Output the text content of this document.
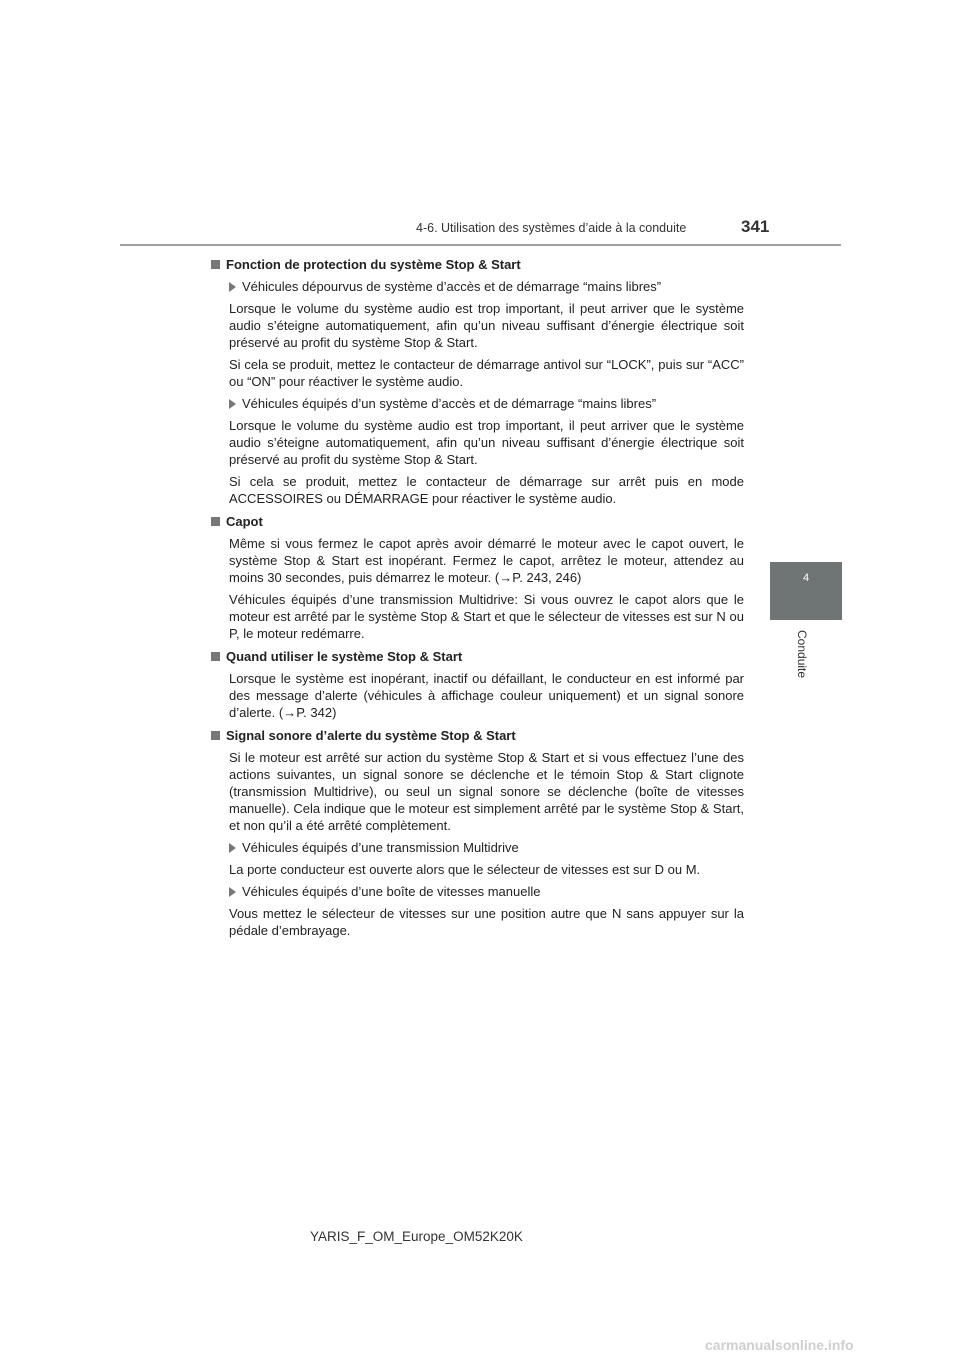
4-6. Utilisation des systèmes d’aide à la conduite	341
4
Conduite
Fonction de protection du système Stop & Start
Véhicules dépourvus de système d’accès et de démarrage “mains libres”
Lorsque le volume du système audio est trop important, il peut arriver que le système audio s’éteigne automatiquement, afin qu’un niveau suffisant d’énergie électrique soit préservé au profit du système Stop & Start.
Si cela se produit, mettez le contacteur de démarrage antivol sur “LOCK”, puis sur “ACC” ou “ON” pour réactiver le système audio.
Véhicules équipés d’un système d’accès et de démarrage “mains libres”
Lorsque le volume du système audio est trop important, il peut arriver que le système audio s’éteigne automatiquement, afin qu’un niveau suffisant d’énergie électrique soit préservé au profit du système Stop & Start.
Si cela se produit, mettez le contacteur de démarrage sur arrêt puis en mode ACCESSOIRES ou DÉMARRAGE pour réactiver le système audio.
Capot
Même si vous fermez le capot après avoir démarré le moteur avec le capot ouvert, le système Stop & Start est inopérant. Fermez le capot, arrêtez le moteur, attendez au moins 30 secondes, puis démarrez le moteur. (→P. 243, 246)
Véhicules équipés d’une transmission Multidrive: Si vous ouvrez le capot alors que le moteur est arrêté par le système Stop & Start et que le sélecteur de vitesses est sur N ou P, le moteur redémarre.
Quand utiliser le système Stop & Start
Lorsque le système est inopérant, inactif ou défaillant, le conducteur en est informé par des message d’alerte (véhicules à affichage couleur uniquement) et un signal sonore d’alerte. (→P. 342)
Signal sonore d’alerte du système Stop & Start
Si le moteur est arrêté sur action du système Stop & Start et si vous effectuez l’une des actions suivantes, un signal sonore se déclenche et le témoin Stop & Start clignote (transmission Multidrive), ou seul un signal sonore se déclenche (boîte de vitesses manuelle). Cela indique que le moteur est simplement arrêté par le système Stop & Start, et non qu’il a été arrêté complètement.
Véhicules équipés d’une transmission Multidrive
La porte conducteur est ouverte alors que le sélecteur de vitesses est sur D ou M.
Véhicules équipés d’une boîte de vitesses manuelle
Vous mettez le sélecteur de vitesses sur une position autre que N sans appuyer sur la pédale d’embrayage.
YARIS_F_OM_Europe_OM52K20K
carmanualsonline.info
